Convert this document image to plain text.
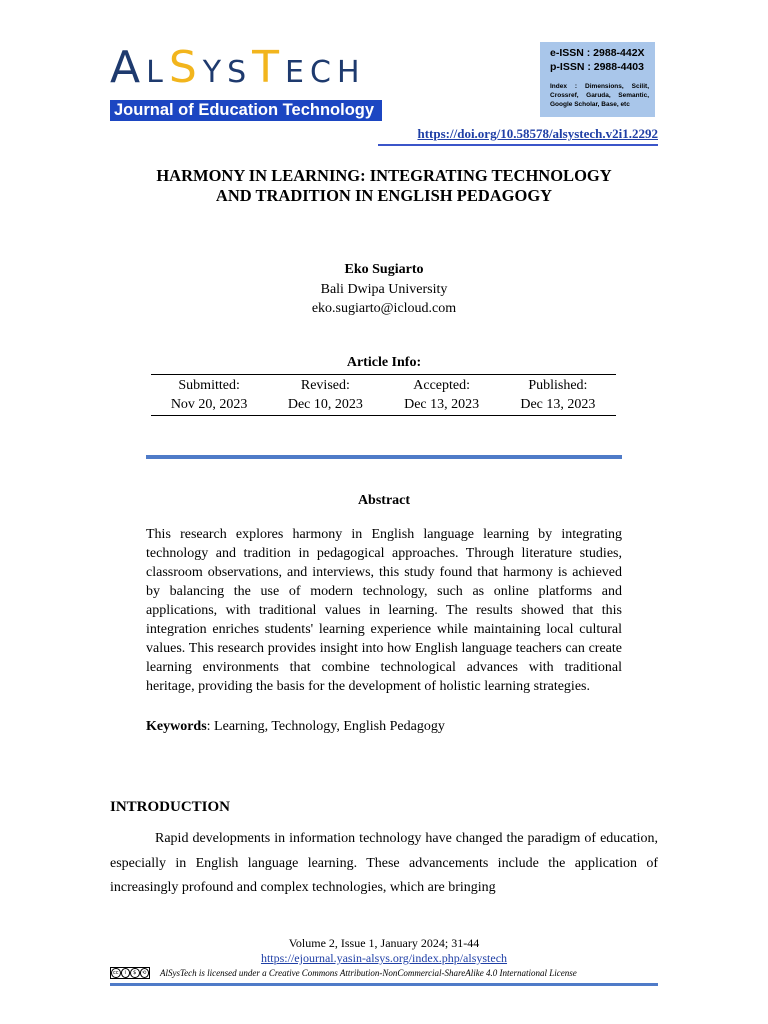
ALSYSTECH
Journal of Education Technology
e-ISSN : 2988-442X
p-ISSN : 2988-4403
Index : Dimensions, Scilit, Crossref, Garuda, Semantic, Google Scholar, Base, etc
https://doi.org/10.58578/alsystech.v2i1.2292
HARMONY IN LEARNING: INTEGRATING TECHNOLOGY
AND TRADITION IN ENGLISH PEDAGOGY
Eko Sugiarto
Bali Dwipa University
eko.sugiarto@icloud.com
Article Info:
Submitted:	Revised:	Accepted:	Published:
Nov 20, 2023	Dec 10, 2023	Dec 13, 2023	Dec 13, 2023
Abstract
This research explores harmony in English language learning by integrating technology and tradition in pedagogical approaches. Through literature studies, classroom observations, and interviews, this study found that harmony is achieved by balancing the use of modern technology, such as online platforms and applications, with traditional values in learning. The results showed that this integration enriches students' learning experience while maintaining local cultural values. This research provides insight into how English language teachers can create learning environments that combine technological advances with traditional heritage, providing the basis for the development of holistic learning strategies.
Keywords: Learning, Technology, English Pedagogy
INTRODUCTION
Rapid developments in information technology have changed the paradigm of education, especially in English language learning. These advancements include the application of increasingly profound and complex technologies, which are bringing
Volume 2, Issue 1, January 2024; 31-44
https://ejournal.yasin-alsys.org/index.php/alsystech
cc	i	$	⟲ AlSysTech is licensed under a Creative Commons Attribution-NonCommercial-ShareAlike 4.0 International License
